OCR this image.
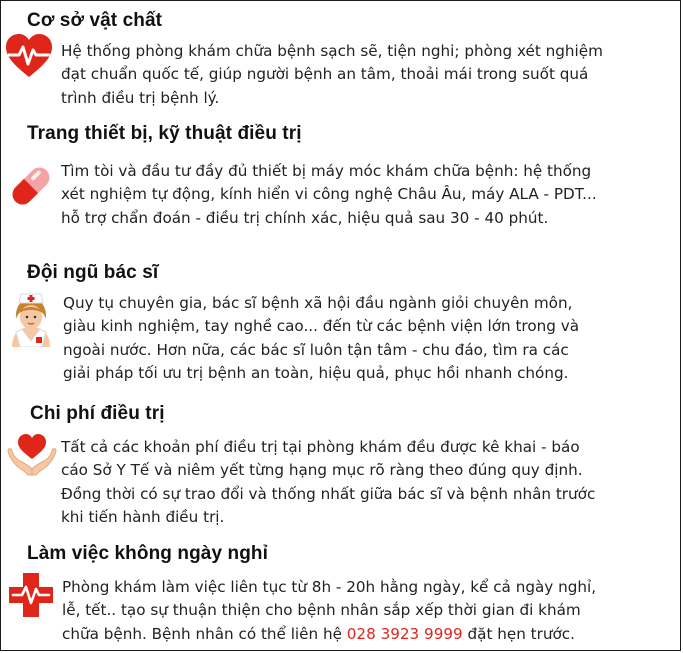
Cơ sở vật chất
Hệ thống phòng khám chữa bệnh sạch sẽ, tiện nghi; phòng xét nghiệm
đạt chuẩn quốc tế, giúp người bệnh an tâm, thoải mái trong suốt quá
trình điều trị bệnh lý.
Trang thiết bị, kỹ thuật điều trị
Tìm tòi và đầu tư đầy đủ thiết bị máy móc khám chữa bệnh: hệ thống
xét nghiệm tự động, kính hiển vi công nghệ Châu Âu, máy ALA - PDT...
hỗ trợ chẩn đoán - điều trị chính xác, hiệu quả sau 30 - 40 phút.
Đội ngũ bác sĩ
Quy tụ chuyên gia, bác sĩ bệnh xã hội đầu ngành giỏi chuyên môn,
giàu kinh nghiệm, tay nghề cao... đến từ các bệnh viện lớn trong và
ngoài nước. Hơn nữa, các bác sĩ luôn tận tâm - chu đáo, tìm ra các
giải pháp tối ưu trị bệnh an toàn, hiệu quả, phục hồi nhanh chóng.
Chi phí điều trị
Tất cả các khoản phí điều trị tại phòng khám đều được kê khai - báo
cáo Sở Y Tế và niêm yết từng hạng mục rõ ràng theo đúng quy định.
Đồng thời có sự trao đổi và thống nhất giữa bác sĩ và bệnh nhân trước
khi tiến hành điều trị.
Làm việc không ngày nghỉ
Phòng khám làm việc liên tục từ 8h - 20h hằng ngày, kể cả ngày nghỉ,
lễ, tết.. tạo sự thuận thiện cho bệnh nhân sắp xếp thời gian đi khám
chữa bệnh. Bệnh nhân có thể liên hệ 028 3923 9999 đặt hẹn trước.
